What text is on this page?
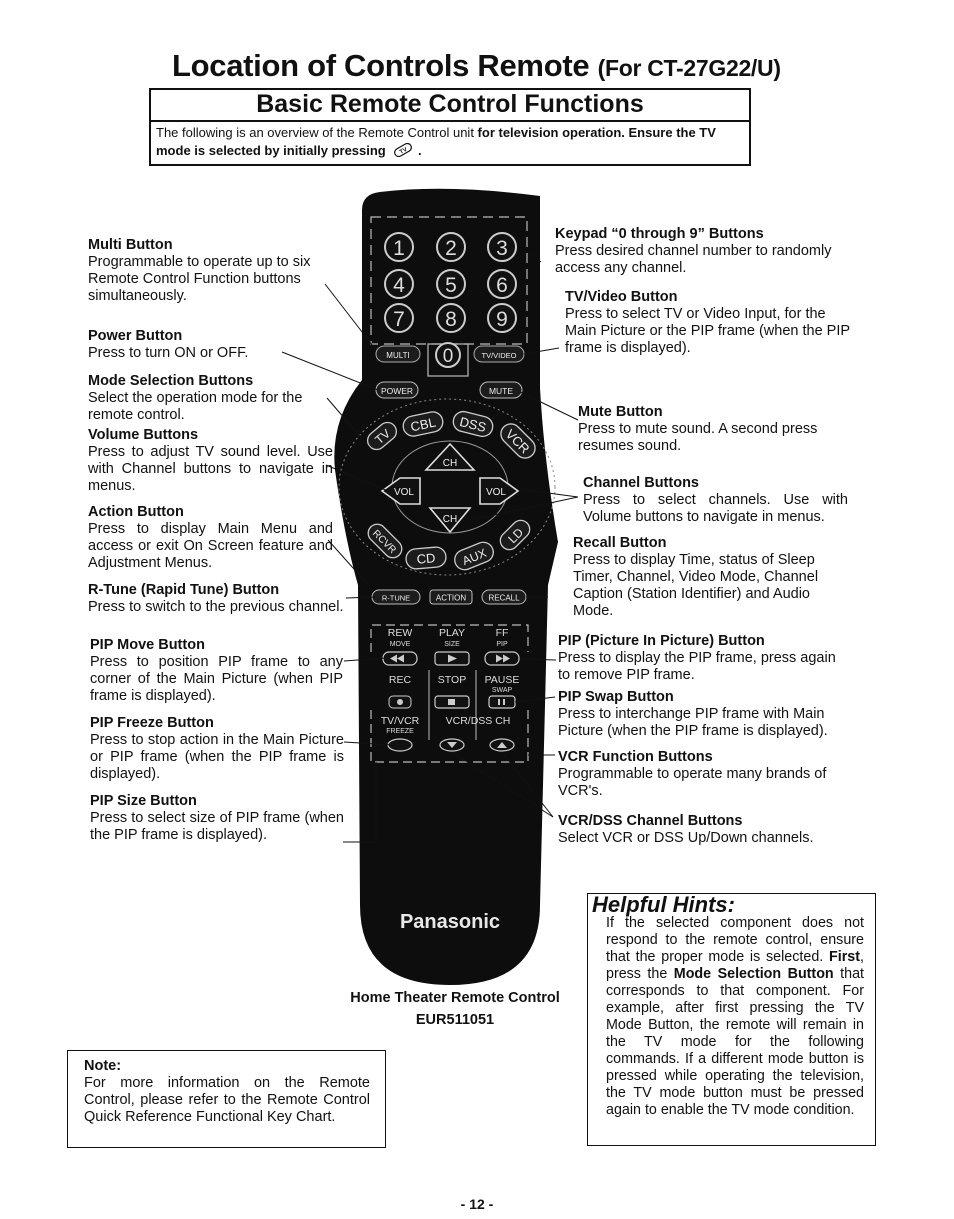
Location of Controls Remote (For CT-27G22/U)
Basic Remote Control Functions
The following is an overview of the Remote Control unit for television operation. Ensure the TV mode is selected by initially pressing TV .
Multi Button

Programmable to operate up to six Remote Control Function buttons simultaneously.

Power Button

Press to turn ON or OFF.

Mode Selection Buttons

Select the operation mode for the remote control.

Volume Buttons

Press to adjust TV sound level. Use with Channel buttons to navigate in menus.

Action Button

Press to display Main Menu and access or exit On Screen feature and Adjustment Menus.

R-Tune (Rapid Tune) Button

Press to switch to the previous channel.

PIP Move Button

Press to position PIP frame to any corner of the Main Picture (when PIP frame is displayed).

PIP Freeze Button

Press to stop action in the Main Picture or PIP frame (when the PIP frame is displayed).

PIP Size Button

Press to select size of PIP frame (when the PIP frame is displayed).

Keypad “0 through 9” Buttons

Press desired channel number to randomly access any channel.

TV/Video Button

Press to select TV or Video Input, for the Main Picture or the PIP frame (when the PIP frame is displayed).

Mute Button

Press to mute sound. A second press resumes sound.

Channel Buttons

Press to select channels. Use with Volume buttons to navigate in menus.

Recall Button

Press to display Time, status of Sleep Timer, Channel, Video Mode, Channel Caption (Station Identifier) and Audio Mode.

PIP (Picture In Picture) Button

Press to display the PIP frame, press again to remove PIP frame.

PIP Swap Button

Press to interchange PIP frame with Main Picture (when the PIP frame is displayed).

VCR Function Buttons

Programmable to operate many brands of VCR's.

VCR/DSS Channel Buttons

Select VCR or DSS Up/Down channels.

1 2 3
4 5 6
7 8 9
0
MULTI	TV/VIDEO
POWER	MUTE
TV
CBL DSS
VCR
RCVR
CD AUX
LD
CH
CH
VOL	VOL
R-TUNE	ACTION	RECALL
REW	PLAY	FF
MOVE	SIZE	PIP
REC	STOP PAUSE
SWAP
TV/VCR
FREEZE
VCR/DSS CH
Panasonic
Home Theater Remote Control
EUR511051
Note:

For more information on the Remote Control, please refer to the Remote Control Quick Reference Functional Key Chart.

Helpful Hints:

If the selected component does not respond to the remote control, ensure that the proper mode is selected. First, press the Mode Selection Button that corresponds to that component. For example, after first pressing the TV Mode Button, the remote will remain in the TV mode for the following commands. If a different mode button is pressed while operating the television, the TV mode button must be pressed again to enable the TV mode condition.

- 12 -
